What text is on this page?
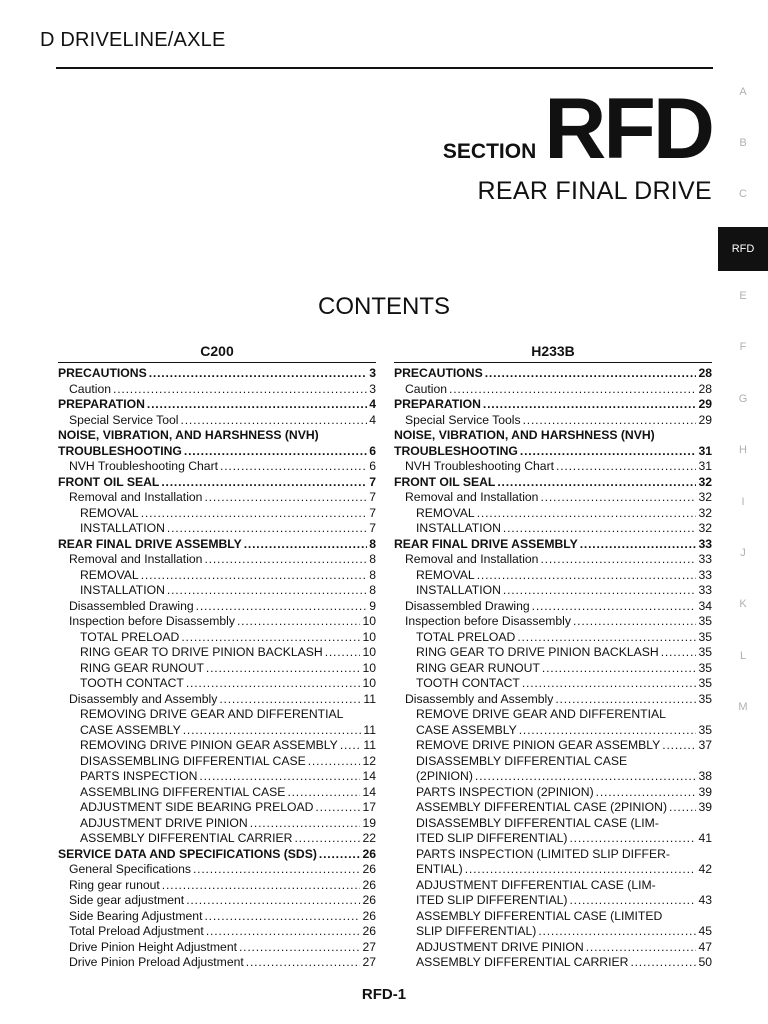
D DRIVELINE/AXLE
SECTION RFD
REAR FINAL DRIVE
CONTENTS
C200
PRECAUTIONS .....	3
Caution .....	3
PREPARATION .....	4
Special Service Tool .....	4
NOISE, VIBRATION, AND HARSHNESS (NVH)
TROUBLESHOOTING .....	6
NVH Troubleshooting Chart .....	6
FRONT OIL SEAL .....	7
Removal and Installation .....	7
REMOVAL .....	7
INSTALLATION .....	7
REAR FINAL DRIVE ASSEMBLY .....	8
Removal and Installation .....	8
REMOVAL .....	8
INSTALLATION .....	8
Disassembled Drawing .....	9
Inspection before Disassembly .....	10
TOTAL PRELOAD .....	10
RING GEAR TO DRIVE PINION BACKLASH .....	10
RING GEAR RUNOUT .....	10
TOOTH CONTACT .....	10
Disassembly and Assembly .....	11
REMOVING DRIVE GEAR AND DIFFERENTIAL
CASE ASSEMBLY .....	11
REMOVING DRIVE PINION GEAR ASSEMBLY ..... 11
DISASSEMBLING DIFFERENTIAL CASE .....	12
PARTS INSPECTION .....	14
ASSEMBLING DIFFERENTIAL CASE .....	14
ADJUSTMENT SIDE BEARING PRELOAD .....	17
ADJUSTMENT DRIVE PINION .....	19
ASSEMBLY DIFFERENTIAL CARRIER .....	22
SERVICE DATA AND SPECIFICATIONS (SDS) .....	26
General Specifications .....	26
Ring gear runout .....	26
Side gear adjustment .....	26
Side Bearing Adjustment .....	26
Total Preload Adjustment .....	26
Drive Pinion Height Adjustment .....	27
Drive Pinion Preload Adjustment .....	27
H233B
PRECAUTIONS .....	28
Caution .....	28
PREPARATION .....	29
Special Service Tools .....	29
NOISE, VIBRATION, AND HARSHNESS (NVH)
TROUBLESHOOTING .....	31
NVH Troubleshooting Chart .....	31
FRONT OIL SEAL .....	32
Removal and Installation .....	32
REMOVAL .....	32
INSTALLATION .....	32
REAR FINAL DRIVE ASSEMBLY .....	33
Removal and Installation .....	33
REMOVAL .....	33
INSTALLATION .....	33
Disassembled Drawing .....	34
Inspection before Disassembly .....	35
TOTAL PRELOAD .....	35
RING GEAR TO DRIVE PINION BACKLASH .....	35
RING GEAR RUNOUT .....	35
TOOTH CONTACT .....	35
Disassembly and Assembly .....	35
REMOVE DRIVE GEAR AND DIFFERENTIAL
CASE ASSEMBLY .....	35
REMOVE DRIVE PINION GEAR ASSEMBLY .....	37
DISASSEMBLY DIFFERENTIAL CASE
(2PINION) .....	38
PARTS INSPECTION (2PINION) .....	39
ASSEMBLY DIFFERENTIAL CASE (2PINION) .....	39
DISASSEMBLY DIFFERENTIAL CASE (LIM-
ITED SLIP DIFFERENTIAL) .....	41
PARTS INSPECTION (LIMITED SLIP DIFFER-
ENTIAL) .....	42
ADJUSTMENT DIFFERENTIAL CASE (LIM-
ITED SLIP DIFFERENTIAL) .....	43
ASSEMBLY DIFFERENTIAL CASE (LIMITED
SLIP DIFFERENTIAL) .....	45
ADJUSTMENT DRIVE PINION .....	47
ASSEMBLY DIFFERENTIAL CARRIER .....	50
A
B
C
RFD
E
F
G
H
I
J
K
L
M
RFD-1
